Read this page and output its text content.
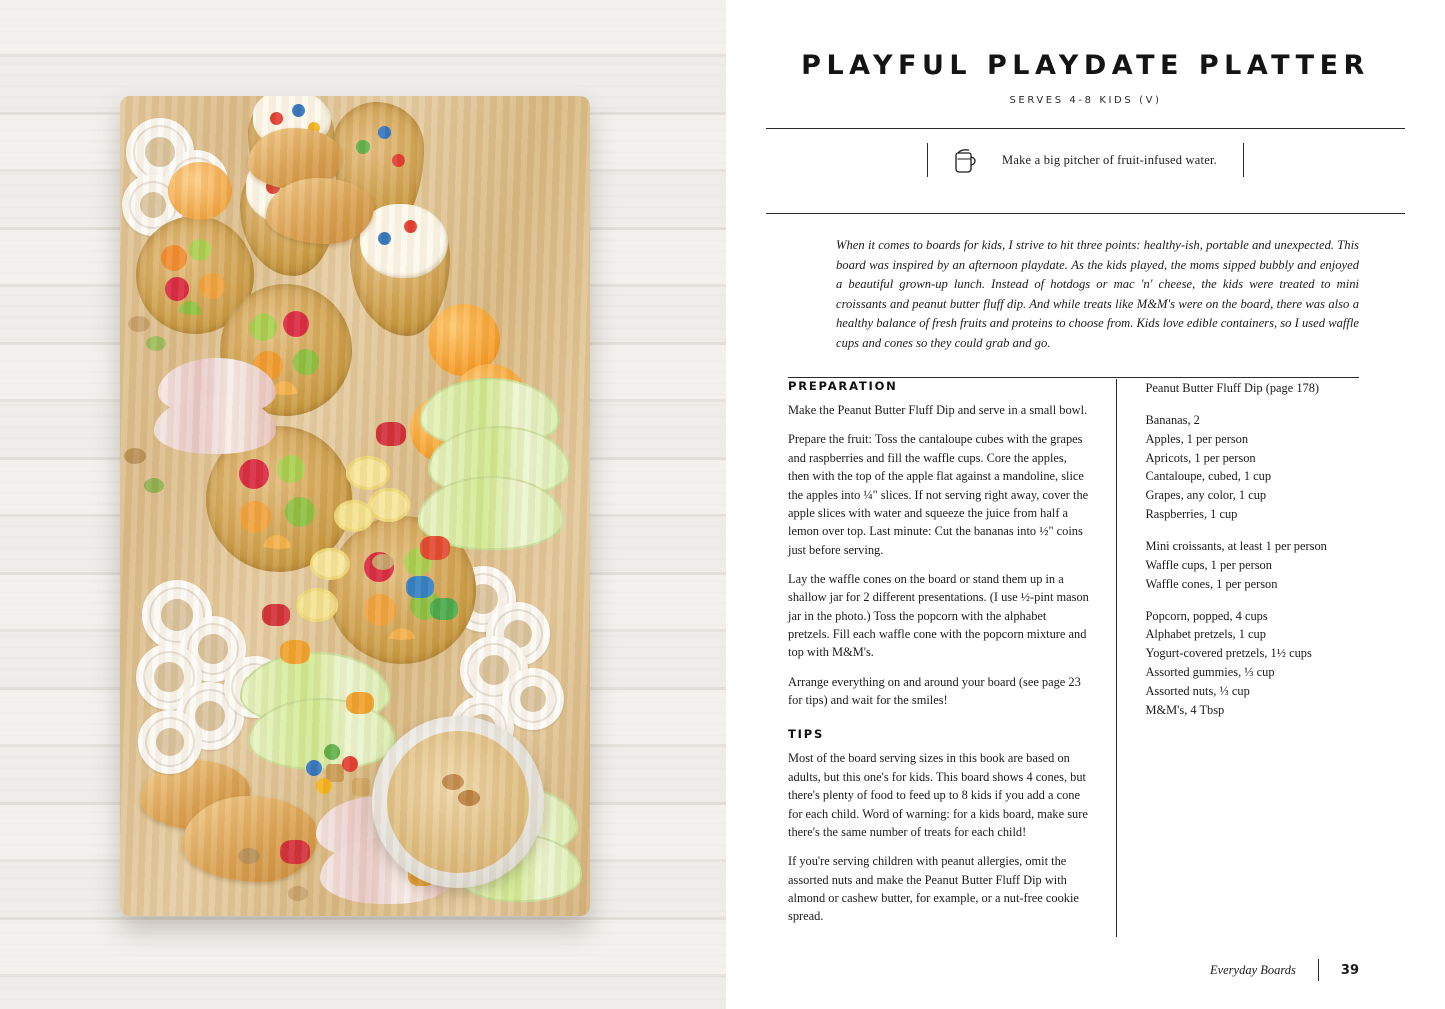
PLAYFUL PLAYDATE PLATTER
SERVES 4-8 KIDS (V)
Make a big pitcher of fruit-infused water.

When it comes to boards for kids, I strive to hit three points: healthy-ish, portable and unexpected. This board was inspired by an afternoon playdate. As the kids played, the moms sipped bubbly and enjoyed a beautiful grown-up lunch. Instead of hotdogs or mac 'n' cheese, the kids were treated to mini croissants and peanut butter fluff dip. And while treats like M&M's were on the board, there was also a healthy balance of fresh fruits and proteins to choose from. Kids love edible containers, so I used waffle cups and cones so they could grab and go.

PREPARATION

Make the Peanut Butter Fluff Dip and serve in a small bowl.

Prepare the fruit: Toss the cantaloupe cubes with the grapes and raspberries and fill the waffle cups. Core the apples, then with the top of the apple flat against a mandoline, slice the apples into ¼" slices. If not serving right away, cover the apple slices with water and squeeze the juice from half a lemon over top. Last minute: Cut the bananas into ½" coins just before serving.

Lay the waffle cones on the board or stand them up in a shallow jar for 2 different presentations. (I use ½-pint mason jar in the photo.) Toss the popcorn with the alphabet pretzels. Fill each waffle cone with the popcorn mixture and top with M&M's.

Arrange everything on and around your board (see page 23 for tips) and wait for the smiles!

TIPS

Most of the board serving sizes in this book are based on adults, but this one's for kids. This board shows 4 cones, but there's plenty of food to feed up to 8 kids if you add a cone for each child. Word of warning: for a kids board, make sure there's the same number of treats for each child!

If you're serving children with peanut allergies, omit the assorted nuts and make the Peanut Butter Fluff Dip with almond or cashew butter, for example, or a nut-free cookie spread.

Peanut Butter Fluff Dip (page 178)

Bananas, 2

Apples, 1 per person

Apricots, 1 per person

Cantaloupe, cubed, 1 cup

Grapes, any color, 1 cup

Raspberries, 1 cup

Mini croissants, at least 1 per person

Waffle cups, 1 per person

Waffle cones, 1 per person

Popcorn, popped, 4 cups

Alphabet pretzels, 1 cup

Yogurt-covered pretzels, 1½ cups

Assorted gummies, ⅓ cup

Assorted nuts, ⅓ cup

M&M's, 4 Tbsp

Everyday Boards	39
